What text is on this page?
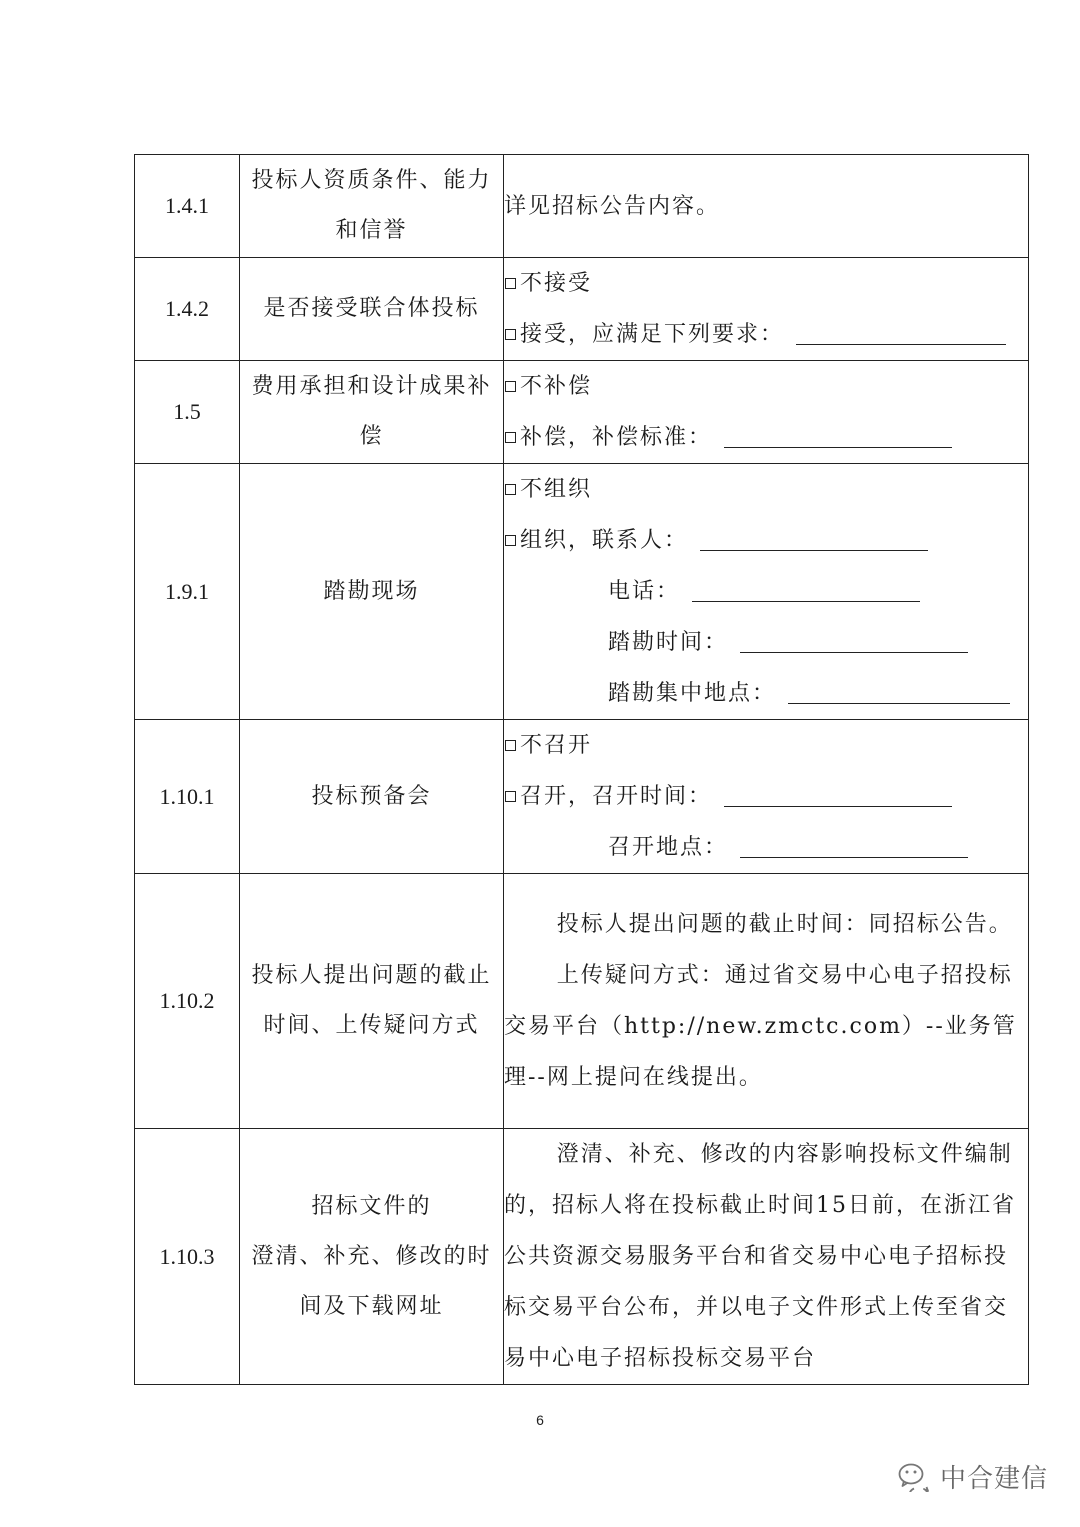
1.4.1	投标人资质条件、能力和信誉	详见招标公告内容。

1.4.2	是否接受联合体投标	不接受
接受，应满足下列要求：

1.5	费用承担和设计成果补偿	不补偿
补偿，补偿标准：

1.9.1	踏勘现场	不组织
组织，联系人：
电话：
踏勘时间：
踏勘集中地点：

1.10.1	投标预备会	不召开
召开，召开时间：
召开地点：

1.10.2	投标人提出问题的截止时间、上传疑问方式	投标人提出问题的截止时间：同招标公告。
上传疑问方式：通过省交易中心电子招投标交易平台（http://new.zmctc.com）--业务管理--网上提问在线提出。

1.10.3	招标文件的
澄清、补充、修改的时间及下载网址	澄清、补充、修改的内容影响投标文件编制的，招标人将在投标截止时间15日前，在浙江省公共资源交易服务平台和省交易中心电子招标投标交易平台公布，并以电子文件形式上传至省交易中心电子招标投标交易平台
6
中合建信
